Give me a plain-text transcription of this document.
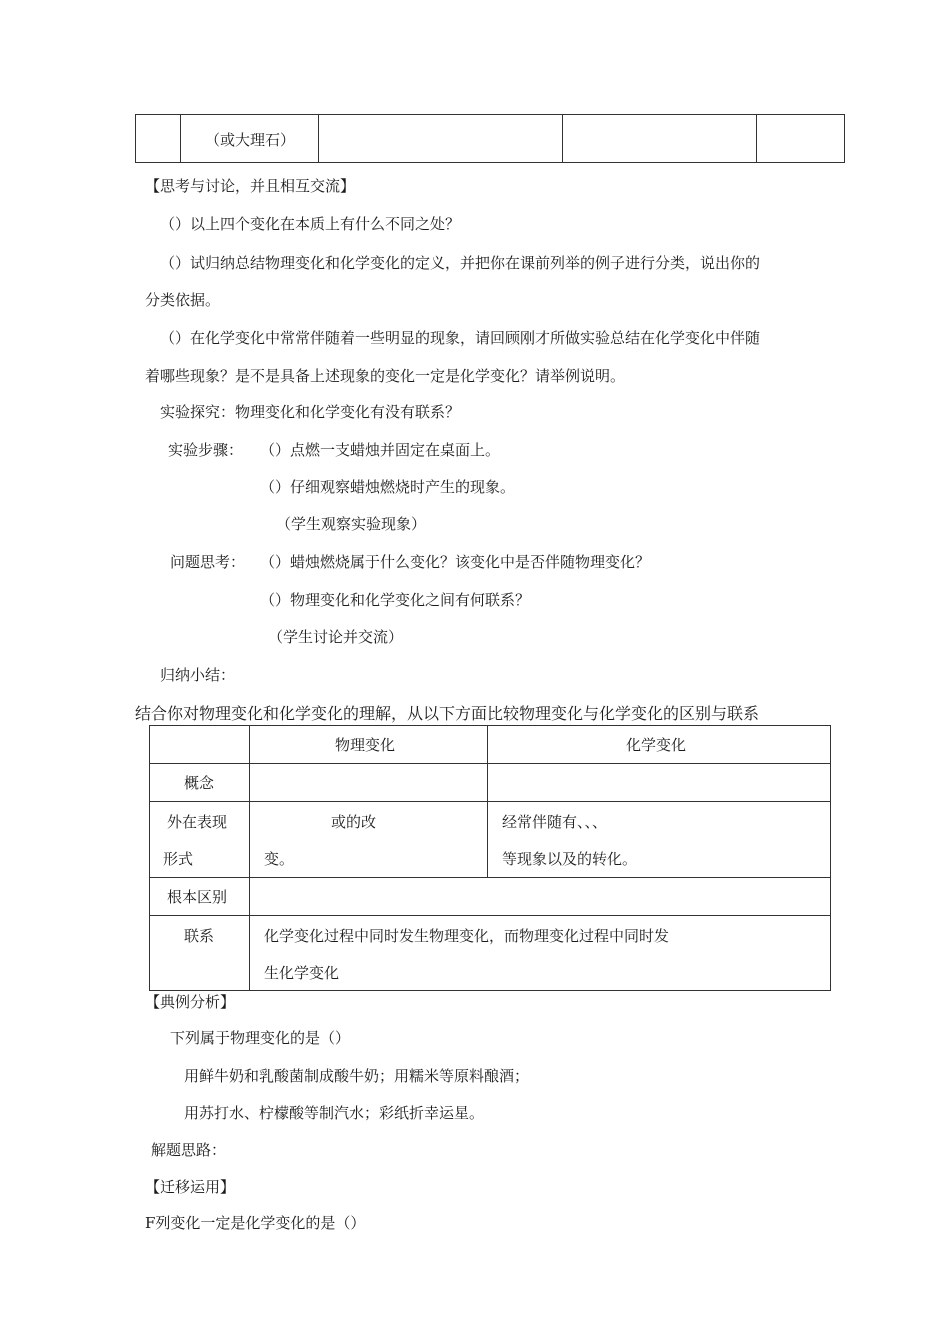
（或大理石）
【思考与讨论，并且相互交流】
（）以上四个变化在本质上有什么不同之处？
（）试归纳总结物理变化和化学变化的定义，并把你在课前列举的例子进行分类，说出你的
分类依据。
（）在化学变化中常常伴随着一些明显的现象，请回顾刚才所做实验总结在化学变化中伴随
着哪些现象？是不是具备上述现象的变化一定是化学变化？请举例说明。
实验探究：物理变化和化学变化有没有联系？
实验步骤： （）点燃一支蜡烛并固定在桌面上。
（）仔细观察蜡烛燃烧时产生的现象。
（学生观察实验现象）
问题思考： （）蜡烛燃烧属于什么变化？该变化中是否伴随物理变化？
（）物理变化和化学变化之间有何联系？
（学生讨论并交流）
归纳小结：
结合你对物理变化和化学变化的理解，从以下方面比较物理变化与化学变化的区别与联系
物理变化	化学变化
概念
外在表现
形式
或的改
变。
经常伴随有、、、
等现象以及的转化。
根本区别
联系	化学变化过程中同时发生物理变化，而物理变化过程中同时发
生化学变化
【典例分析】
下列属于物理变化的是（）
用鲜牛奶和乳酸菌制成酸牛奶；用糯米等原料酿酒；
用苏打水、柠檬酸等制汽水；彩纸折幸运星。
解题思路：
【迁移运用】
F列变化一定是化学变化的是（）
